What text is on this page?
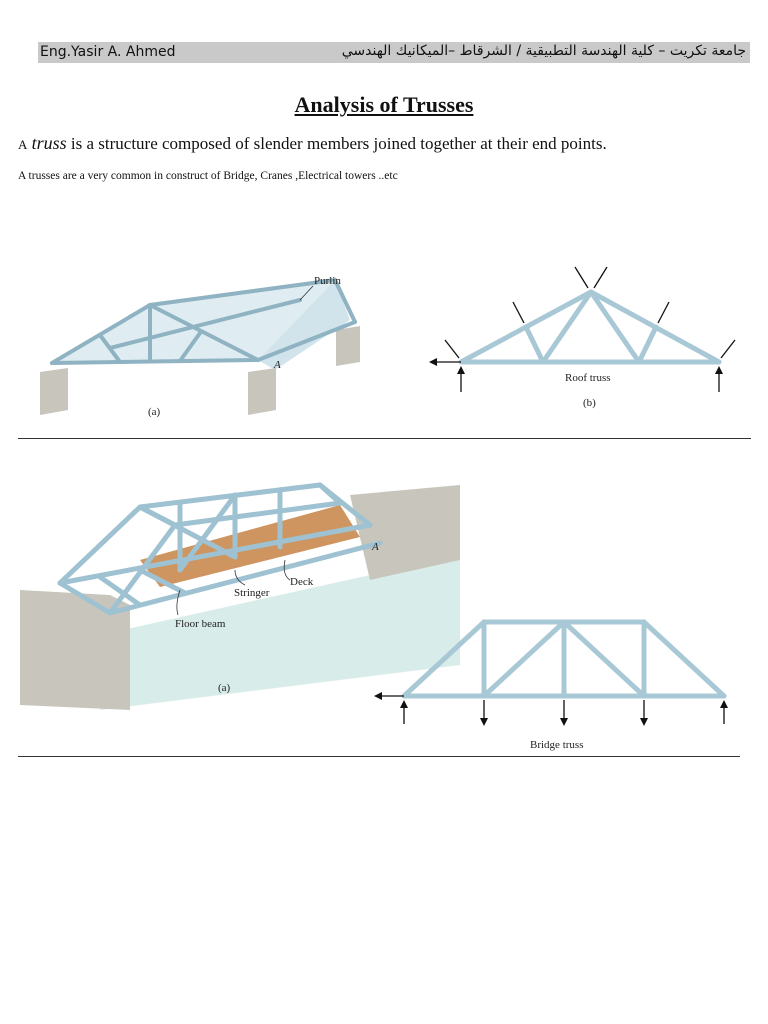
Eng.Yasir A. Ahmed	جامعة تكريت – كلية الهندسة التطبيقية / الشرقاط –الميكانيك الهندسي
Analysis of Trusses
A truss is a structure composed of slender members joined together at their end points.
A trusses are a very common in construct of Bridge, Cranes ,Electrical towers ..etc
Purlin
A
(a)
Roof truss
(b)
Floor beam
Stringer
Deck
A
(a)
Bridge truss
